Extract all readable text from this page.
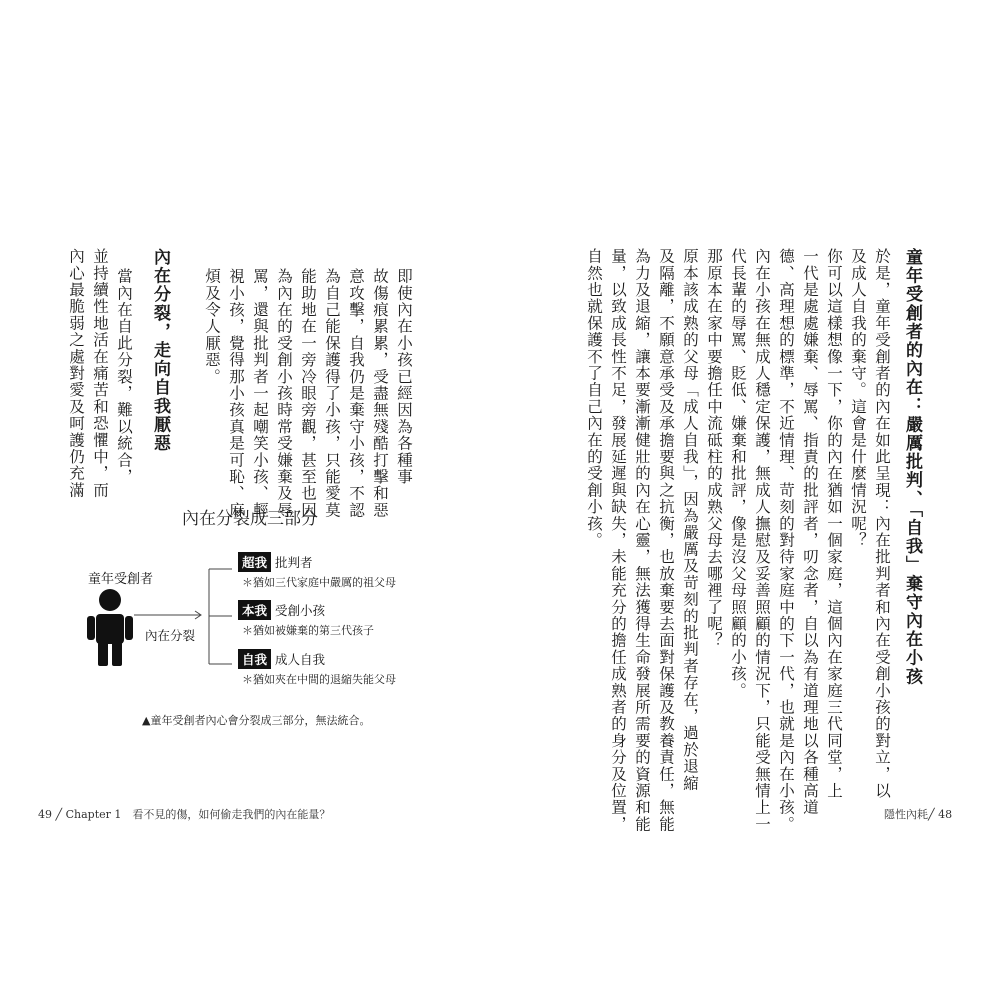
童年受創者的內在：嚴厲批判、「自我」棄守內在小孩
於是，童年受創者的內在如此呈現：內在批判者和內在受創小孩的對立，以
及成人自我的棄守。這會是什麼情況呢？
你可以這樣想像一下，你的內在猶如一個家庭，這個內在家庭三代同堂，上
一代是處處嫌棄、辱罵、指責的批評者，叨念者，自以為有道理地以各種高道
德、高理想的標準，不近情理、苛刻的對待家庭中的下一代，也就是內在小孩。
內在小孩在無成人穩定保護，無成人撫慰及妥善照顧的情況下，只能受無情上一
代長輩的辱罵、貶低、嫌棄和批評，像是沒父母照顧的小孩。
那原本在家中要擔任中流砥柱的成熟父母去哪裡了呢？
原本該成熟的父母「成人自我」，因為嚴厲及苛刻的批判者存在，過於退縮
及隔離，不願意承受及承擔要與之抗衡，也放棄要去面對保護及教養責任，無能
為力及退縮，讓本要漸漸健壯的內在心靈，無法獲得生命發展所需要的資源和能
量，以致成長性不足，發展延遲與缺失，未能充分的擔任成熟者的身分及位置，
自然也就保護不了自己內在的受創小孩。
即使內在小孩已經因為各種事
故傷痕累累，受盡無殘酷打擊和惡
意攻擊，自我仍是棄守小孩，不認
為自己能保護得了小孩，只能愛莫
能助地在一旁冷眼旁觀，甚至也因
為內在的受創小孩時常受嫌棄及辱
罵，還與批判者一起嘲笑小孩、輕
視小孩，覺得那小孩真是可恥、麻
煩及令人厭惡。
內在分裂，走向自我厭惡
當內在自此分裂，難以統合，
並持續性地活在痛苦和恐懼中，而
內心最脆弱之處對愛及呵護仍充滿
內在分裂成三部分
童年受創者
內在分裂
超我 批判者
＊猶如三代家庭中嚴厲的祖父母
本我 受創小孩
＊猶如被嫌棄的第三代孩子
自我 成人自我
＊猶如夾在中間的退縮失能父母
▲童年受創者內心會分裂成三部分，無法統合。
49 ╱ Chapter 1　看不見的傷，如何偷走我們的內在能量？	隱性內耗╱ 48
